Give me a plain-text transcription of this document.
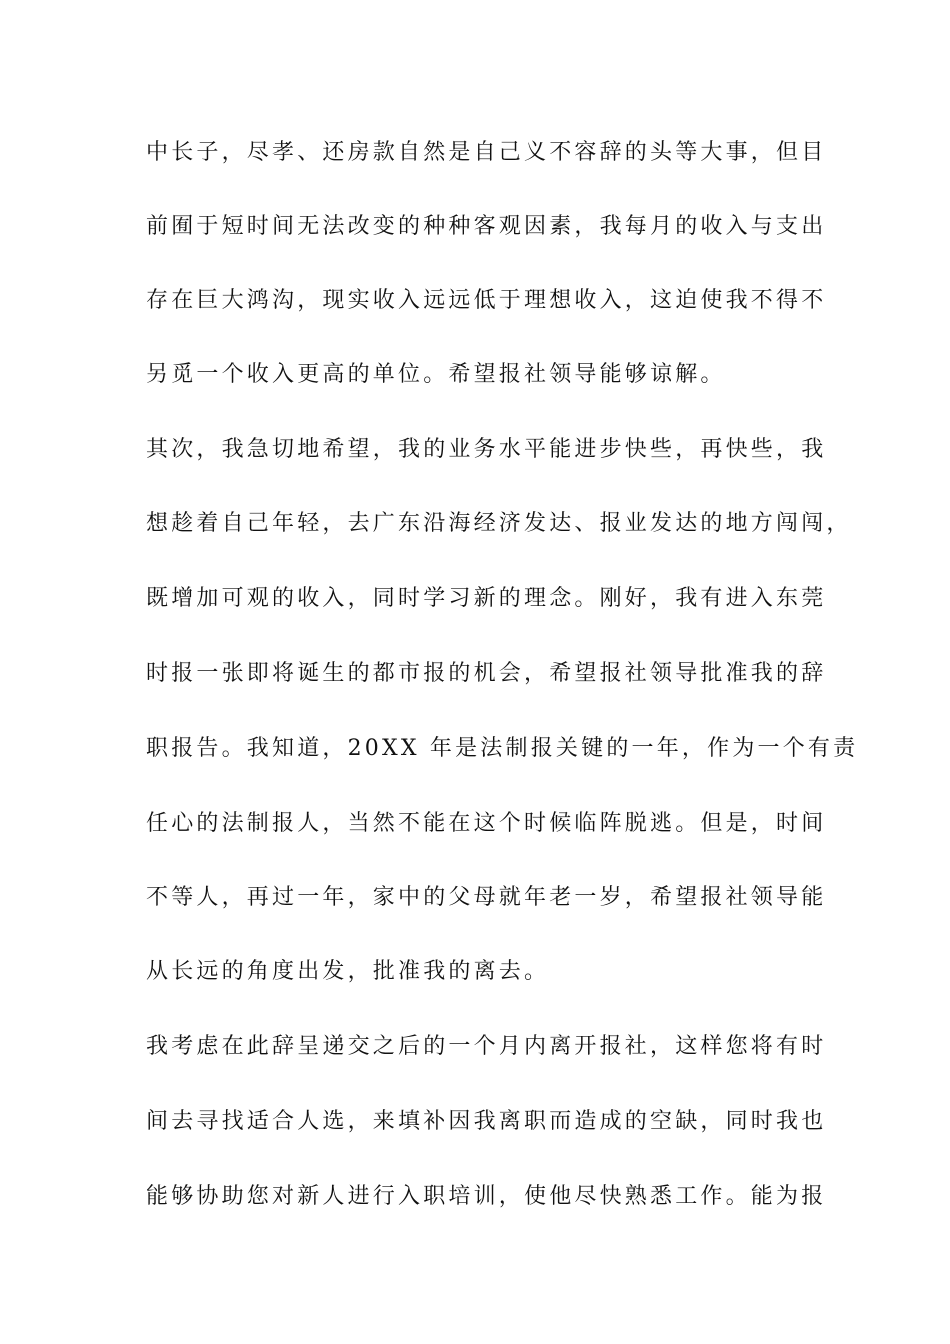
中长子，尽孝、还房款自然是自己义不容辞的头等大事，但目
前囿于短时间无法改变的种种客观因素，我每月的收入与支出
存在巨大鸿沟，现实收入远远低于理想收入，这迫使我不得不
另觅一个收入更高的单位。希望报社领导能够谅解。
其次，我急切地希望，我的业务水平能进步快些，再快些，我
想趁着自己年轻，去广东沿海经济发达、报业发达的地方闯闯，
既增加可观的收入，同时学习新的理念。刚好，我有进入东莞
时报一张即将诞生的都市报的机会，希望报社领导批准我的辞
职报告。我知道，20XX 年是法制报关键的一年，作为一个有责
任心的法制报人，当然不能在这个时候临阵脱逃。但是，时间
不等人，再过一年，家中的父母就年老一岁，希望报社领导能
从长远的角度出发，批准我的离去。
我考虑在此辞呈递交之后的一个月内离开报社，这样您将有时
间去寻找适合人选，来填补因我离职而造成的空缺，同时我也
能够协助您对新人进行入职培训，使他尽快熟悉工作。能为报
